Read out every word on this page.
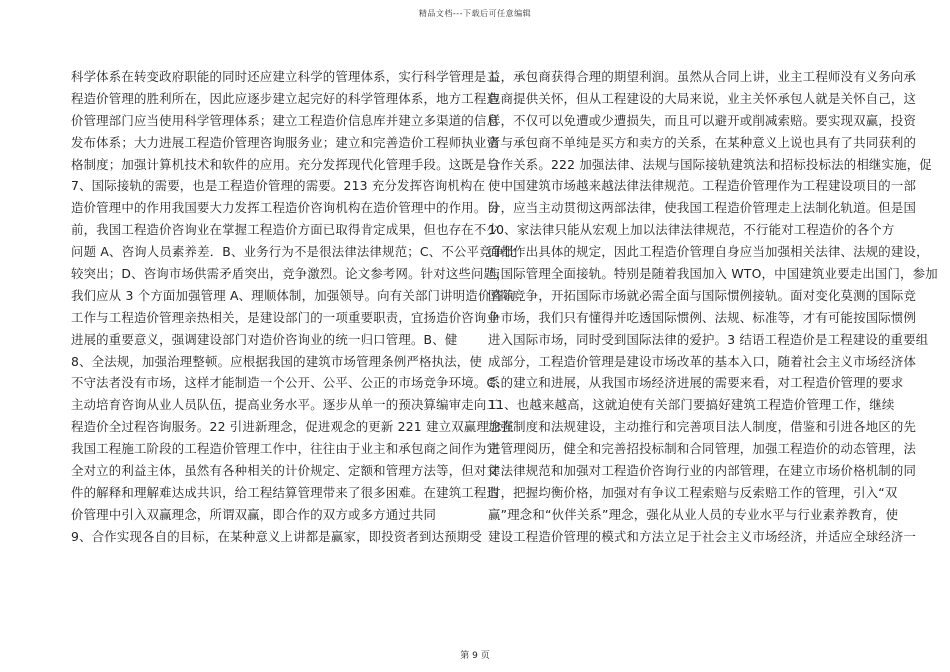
精品文档---下载后可任意编辑
科学体系在转变政府职能的同时还应建立科学的管理体系，实行科学管理是工
程造价管理的胜利所在，因此应逐步建立起完好的科学管理体系，地方工程造
价管理部门应当使用科学管理体系；建立工程造价信息库并建立多渠道的信息
发布体系；大力进展工程造价管理咨询服务业；建立和完善造价工程师执业资
格制度；加强计算机技术和软件的应用。充分发挥现代化管理手段。这既是与
7、国际接轨的需要，也是工程造价管理的需要。213 充分发挥咨询机构在
造价管理中的作用我国要大力发挥工程造价咨询机构在造价管理中的作用。目
前，我国工程造价咨询业在掌握工程造价方面已取得肯定成果，但也存在不少
问题 A、咨询人员素养差．B、业务行为不是很法律法律规范；C、不公平竞争比
较突出；D、咨询市场供需矛盾突出，竞争激烈。论文参考网。针对这些问题，
我们应从 3 个方面加强管理 A、理顺体制，加强领导。向有关部门讲明造价咨询
工作与工程造价管理亲热相关，是建设部门的一项重要职责，宜扬造价咨询业
进展的重要意义，强调建设部门对造价咨询业的统一归口管理。B、健
8、全法规，加强治理整顿。应根据我国的建筑市场管理条例严格执法，使
不守法者没有市场，这样才能制造一个公开、公平、公正的市场竞争环境。C、
主动培育咨询从业人员队伍，提高业务水平。逐步从单一的预决算编审走向工
程造价全过程咨询服务。22 引进新理念，促进观念的更新 221 建立双赢理念在
我国工程施工阶段的工程造价管理工作中，往往由于业主和承包商之间作为完
全对立的利益主体，虽然有各种相关的计价规定、定额和管理方法等，但对文
件的解释和理解难达成共识，给工程结算管理带来了很多困难。在建筑工程造
价管理中引入双赢理念，所谓双赢，即合作的双方或多方通过共同
9、合作实现各自的目标，在某种意义上讲都是赢家，即投资者到达预期受
益，承包商获得合理的期望利润。虽然从合同上讲，业主工程师没有义务向承
包商提供关怀，但从工程建设的大局来说，业主关怀承包人就是关怀自己，这
样，不仅可以免遭或少遭损失，而且可以避开或削减索赔。要实现双赢，投资
者与承包商不单纯是买方和卖方的关系，在某种意义上说也具有了共同获利的
合作关系。222 加强法律、法规与国际接轨建筑法和招标投标法的相继实施，促
使中国建筑市场越来越法律法律规范。工程造价管理作为工程建设项目的一部
分，应当主动贯彻这两部法律，使我国工程造价管理走上法制化轨道。但是国
10、家法律只能从宏观上加以法律法律规范，不行能对工程造价的各个方
面都作出具体的规定，因此工程造价管理自身应当加强相关法律、法规的建设，
与国际管理全面接轨。特别是随着我国加入 WTO，中国建筑业要走出国门，参加
国际竞争，开拓国际市场就必需全面与国际惯例接轨。面对变化莫测的国际竞
争市场，我们只有懂得并吃透国际惯例、法规、标准等，才有可能按国际惯例
进入国际市场，同时受到国际法律的爱护。3 结语工程造价是工程建设的重要组
成部分，工程造价管理是建设市场改革的基本入口，随着社会主义市场经济体
系的建立和进展，从我国市场经济进展的需要来看，对工程造价管理的要求
11、也越来越高，这就迫使有关部门要搞好建筑工程造价管理工作，继续
加强制度和法规建设，主动推行和完善项目法人制度，借鉴和引进各地区的先
进管理阅历，健全和完善招投标制和合同管理，加强工程造价的动态管理，法
律法律规范和加强对工程造价咨询行业的内部管理，在建立市场价格机制的同
时，把握均衡价格，加强对有争议工程索赔与反索赔工作的管理，引入“双
赢”理念和“伙伴关系”理念，强化从业人员的专业水平与行业素养教育，使
建设工程造价管理的模式和方法立足于社会主义市场经济，并适应全球经济一
第 9 页
